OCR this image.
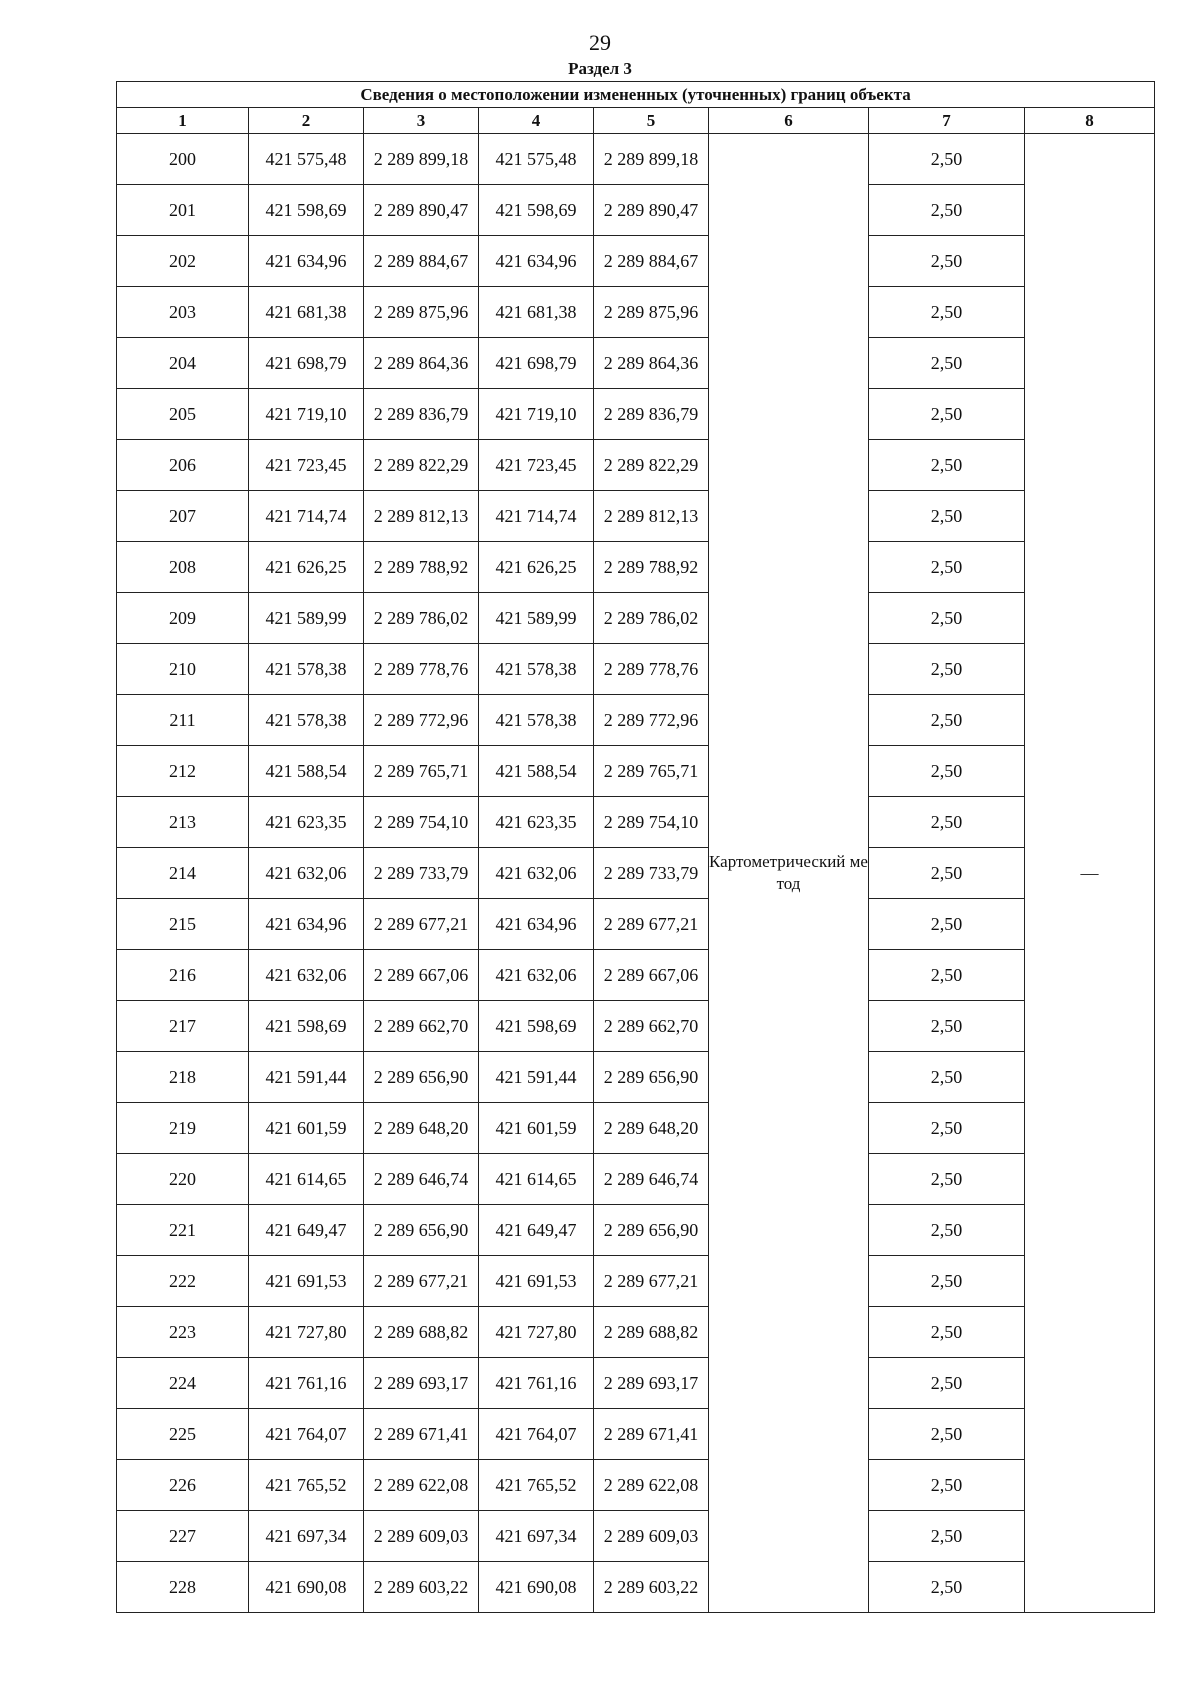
29
Раздел 3
Сведения о местоположении измененных (уточненных) границ объекта							
1	2	3	4	5	6	7	8
200	421 575,48	2 289 899,18	421 575,48	2 289 899,18	Картометрический метод	2,50	—
201	421 598,69	2 289 890,47	421 598,69	2 289 890,47		2,50	
202	421 634,96	2 289 884,67	421 634,96	2 289 884,67		2,50	
203	421 681,38	2 289 875,96	421 681,38	2 289 875,96		2,50	
204	421 698,79	2 289 864,36	421 698,79	2 289 864,36		2,50	
205	421 719,10	2 289 836,79	421 719,10	2 289 836,79		2,50	
206	421 723,45	2 289 822,29	421 723,45	2 289 822,29		2,50	
207	421 714,74	2 289 812,13	421 714,74	2 289 812,13		2,50	
208	421 626,25	2 289 788,92	421 626,25	2 289 788,92		2,50	
209	421 589,99	2 289 786,02	421 589,99	2 289 786,02		2,50	
210	421 578,38	2 289 778,76	421 578,38	2 289 778,76		2,50	
211	421 578,38	2 289 772,96	421 578,38	2 289 772,96		2,50	
212	421 588,54	2 289 765,71	421 588,54	2 289 765,71		2,50	
213	421 623,35	2 289 754,10	421 623,35	2 289 754,10		2,50	
214	421 632,06	2 289 733,79	421 632,06	2 289 733,79		2,50	
215	421 634,96	2 289 677,21	421 634,96	2 289 677,21		2,50	
216	421 632,06	2 289 667,06	421 632,06	2 289 667,06		2,50	
217	421 598,69	2 289 662,70	421 598,69	2 289 662,70		2,50	
218	421 591,44	2 289 656,90	421 591,44	2 289 656,90		2,50	
219	421 601,59	2 289 648,20	421 601,59	2 289 648,20		2,50	
220	421 614,65	2 289 646,74	421 614,65	2 289 646,74		2,50	
221	421 649,47	2 289 656,90	421 649,47	2 289 656,90		2,50	
222	421 691,53	2 289 677,21	421 691,53	2 289 677,21		2,50	
223	421 727,80	2 289 688,82	421 727,80	2 289 688,82		2,50	
224	421 761,16	2 289 693,17	421 761,16	2 289 693,17		2,50	
225	421 764,07	2 289 671,41	421 764,07	2 289 671,41		2,50	
226	421 765,52	2 289 622,08	421 765,52	2 289 622,08		2,50	
227	421 697,34	2 289 609,03	421 697,34	2 289 609,03		2,50	
228	421 690,08	2 289 603,22	421 690,08	2 289 603,22		2,50	
